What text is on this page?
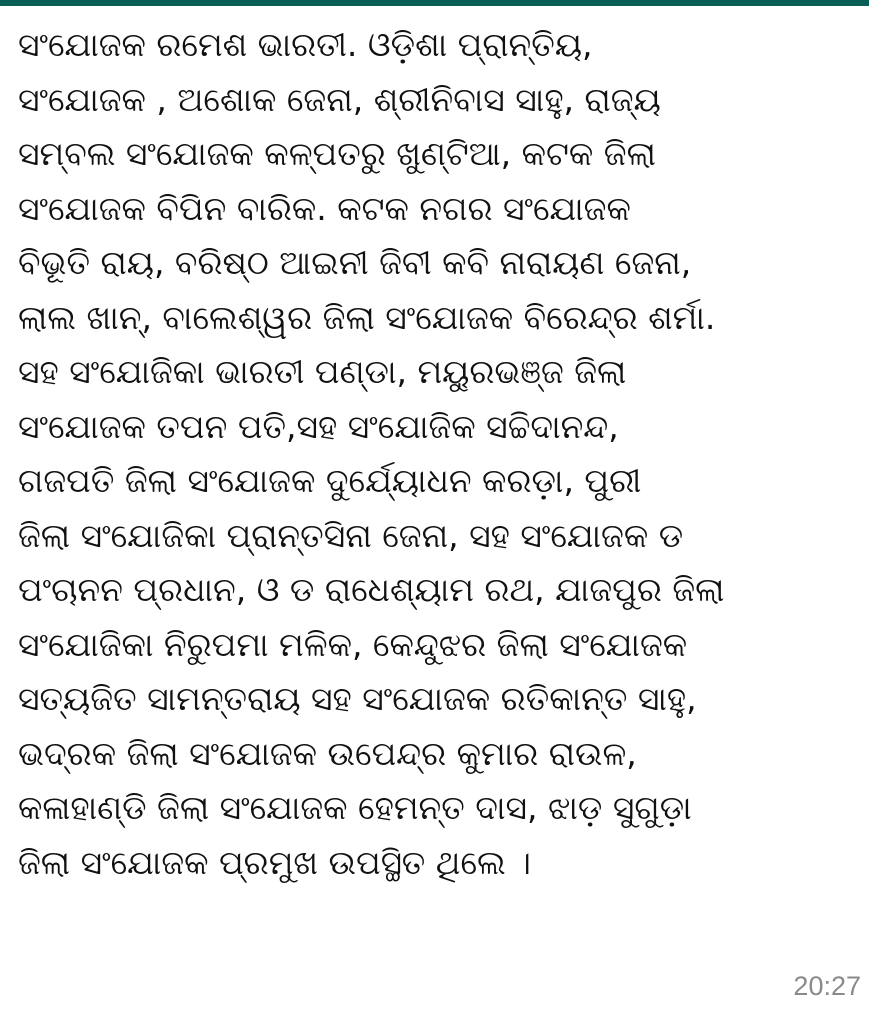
ସଂଯୋଜକ ରମେଶ ଭାରତୀ. ଓଡ଼ିଶା ପ୍ରାନ୍ତିୟ,
ସଂଯୋଜକ , ଅଶୋକ ଜେନା, ଶ୍ରୀନିବାସ ସାହୁ, ରାଜ୍ୟ
ସମ୍ବଲ ସଂଯୋଜକ କଳ୍ପତରୁ ଖୁଣ୍ଟିଆ, କଟକ ଜିଲା
ସଂଯୋଜକ ବିପିନ ବାରିକ. କଟକ ନଗର ସଂଯୋଜକ
ବିଭୂତି ରାୟ, ବରିଷ୍ଠ ଆଇନୀ ଜିବୀ କବି ନାରାୟଣ ଜେନା,
ଲାଲ ଖାନ୍, ବାଲେଶ୍ୱର ଜିଲା ସଂଯୋଜକ ବିରେନ୍ଦ୍ର ଶର୍ମା.
ସହ ସଂଯୋଜିକା ଭାରତୀ ପଣ୍ଡା, ମୟୁରଭଞ୍ଜ ଜିଲା
ସଂଯୋଜକ ତପନ ପତି,ସହ ସଂଯୋଜିକ ସଚ୍ଚିଦାନନ୍ଦ,
ଗଜପତି ଜିଲା ସଂଯୋଜକ ଦୁର୍ଯ୍ୟୋଧନ କରଡ଼ା, ପୁରୀ
ଜିଲା ସଂଯୋଜିକା ପ୍ରାନ୍ତସିନା ଜେନା, ସହ ସଂଯୋଜକ ଡ
ପଂଚାନନ ପ୍ରଧାନ, ଓ ଡ ରାଧେଶ୍ୟାମ ରଥ, ଯାଜପୁର ଜିଲା
ସଂଯୋଜିକା ନିରୁପମା ମଳିକ, କେନ୍ଦୁଝର ଜିଲା ସଂଯୋଜକ
ସତ୍ୟଜିତ ସାମନ୍ତରାୟ ସହ ସଂଯୋଜକ ରତିକାନ୍ତ ସାହୁ,
ଭଦ୍ରକ ଜିଲା ସଂଯୋଜକ ଉପେନ୍ଦ୍ର କୁମାର ରାଉଳ,
କଳାହାଣ୍ଡି ଜିଲା ସଂଯୋଜକ ହେମନ୍ତ ଦାସ, ଝାଡ଼ ସୁଗୁଡ଼ା
ଜିଲା ସଂଯୋଜକ ପ୍ରମୁଖ ଉପସ୍ଥିତ ଥିଲେ ।
20:27
